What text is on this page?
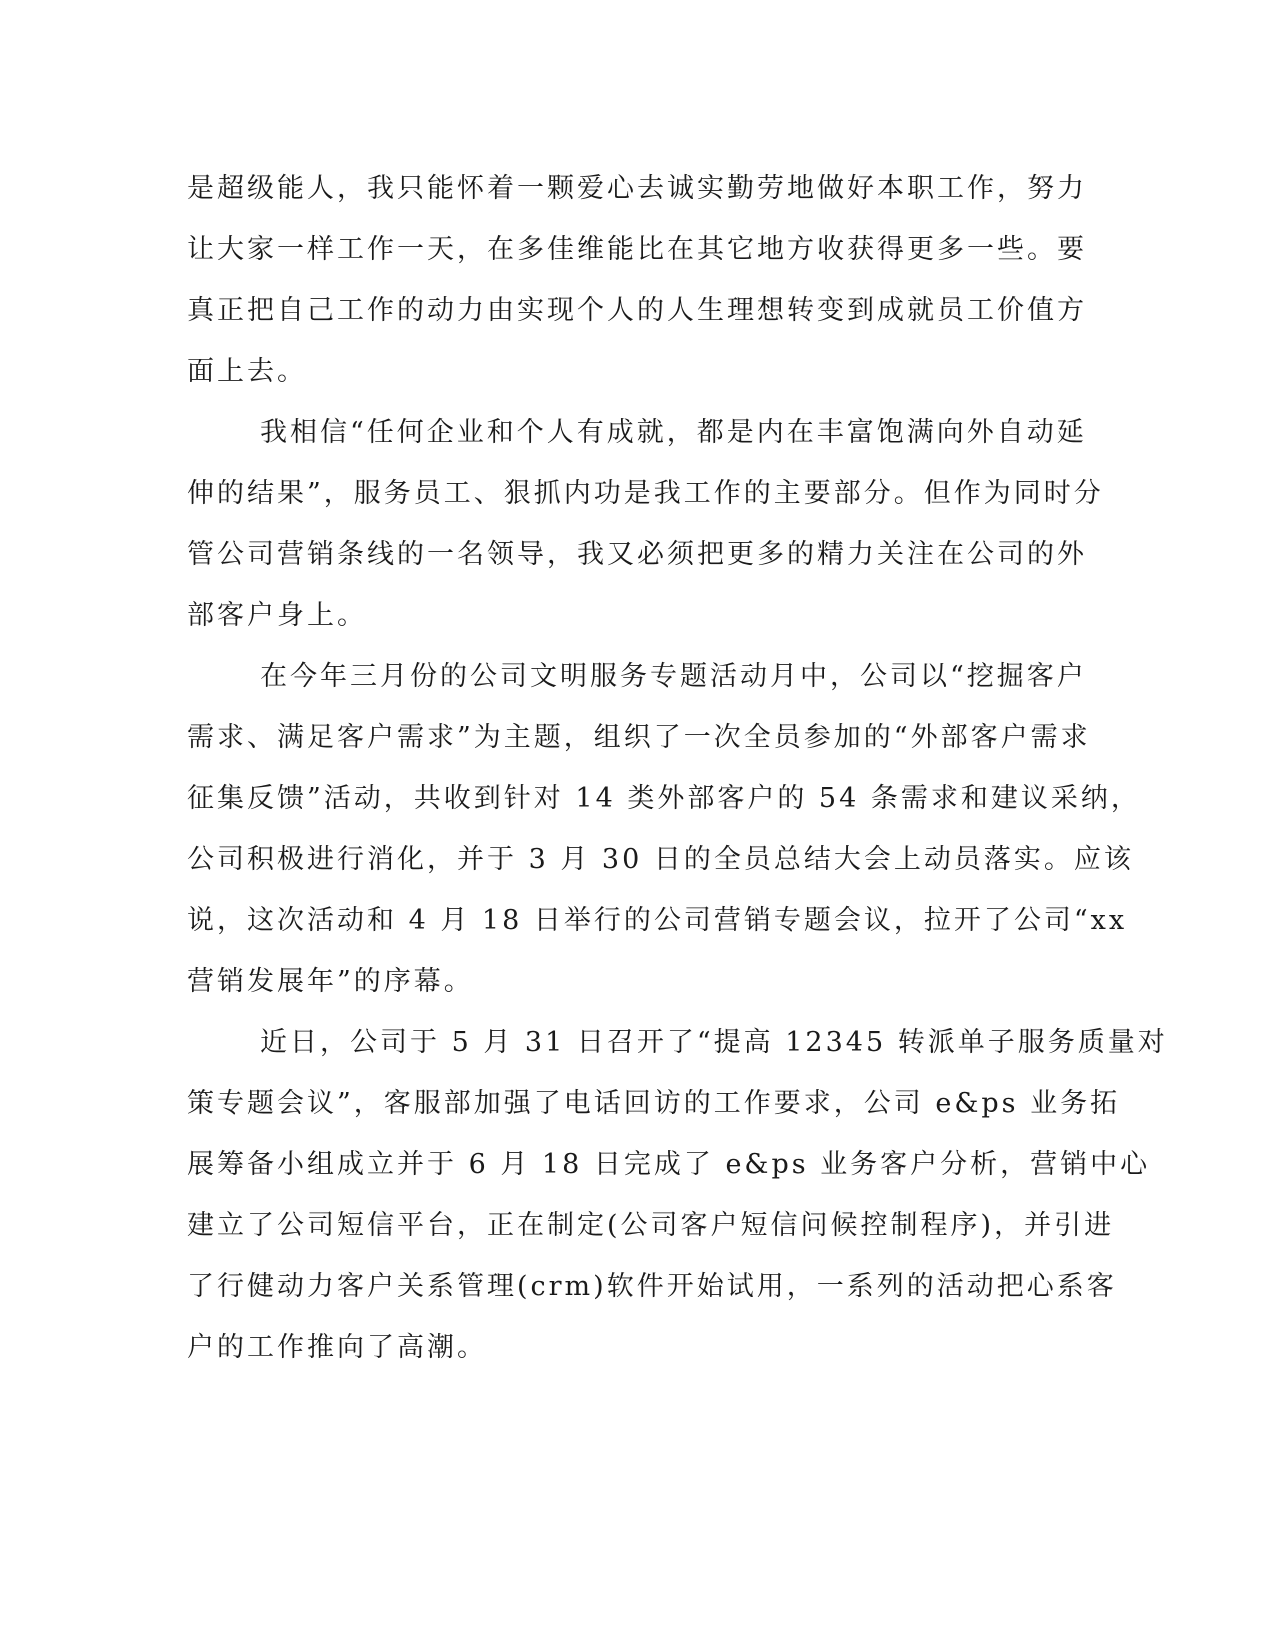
是超级能人，我只能怀着一颗爱心去诚实勤劳地做好本职工作，努力
让大家一样工作一天，在多佳维能比在其它地方收获得更多一些。要
真正把自己工作的动力由实现个人的人生理想转变到成就员工价值方
面上去。
我相信“任何企业和个人有成就，都是内在丰富饱满向外自动延
伸的结果”，服务员工、狠抓内功是我工作的主要部分。但作为同时分
管公司营销条线的一名领导，我又必须把更多的精力关注在公司的外
部客户身上。
在今年三月份的公司文明服务专题活动月中，公司以“挖掘客户
需求、满足客户需求”为主题，组织了一次全员参加的“外部客户需求
征集反馈”活动，共收到针对 14 类外部客户的 54 条需求和建议采纳，
公司积极进行消化，并于 3 月 30 日的全员总结大会上动员落实。应该
说，这次活动和 4 月 18 日举行的公司营销专题会议，拉开了公司“xx
营销发展年”的序幕。
近日，公司于 5 月 31 日召开了“提高 12345 转派单子服务质量对
策专题会议”，客服部加强了电话回访的工作要求，公司 e&ps 业务拓
展筹备小组成立并于 6 月 18 日完成了 e&ps 业务客户分析，营销中心
建立了公司短信平台，正在制定(公司客户短信问候控制程序)，并引进
了行健动力客户关系管理(crm)软件开始试用，一系列的活动把心系客
户的工作推向了高潮。
